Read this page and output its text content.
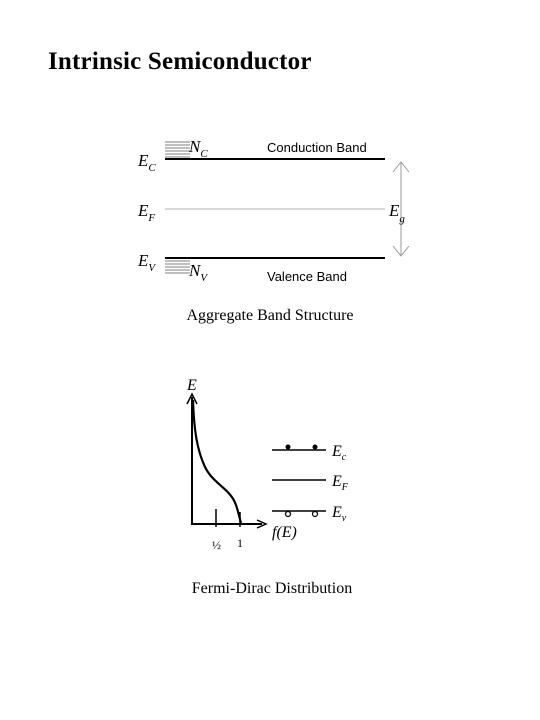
Intrinsic Semiconductor
Conduction Band
Valence Band
$E_C$
$N_C$
$E_F$
$E_V$ $N_V$
$E_g$
Aggregate Band Structure
E
f(E)
½ 1
$E_c$
$E_F$
$E_v$
Fermi-Dirac Distribution
